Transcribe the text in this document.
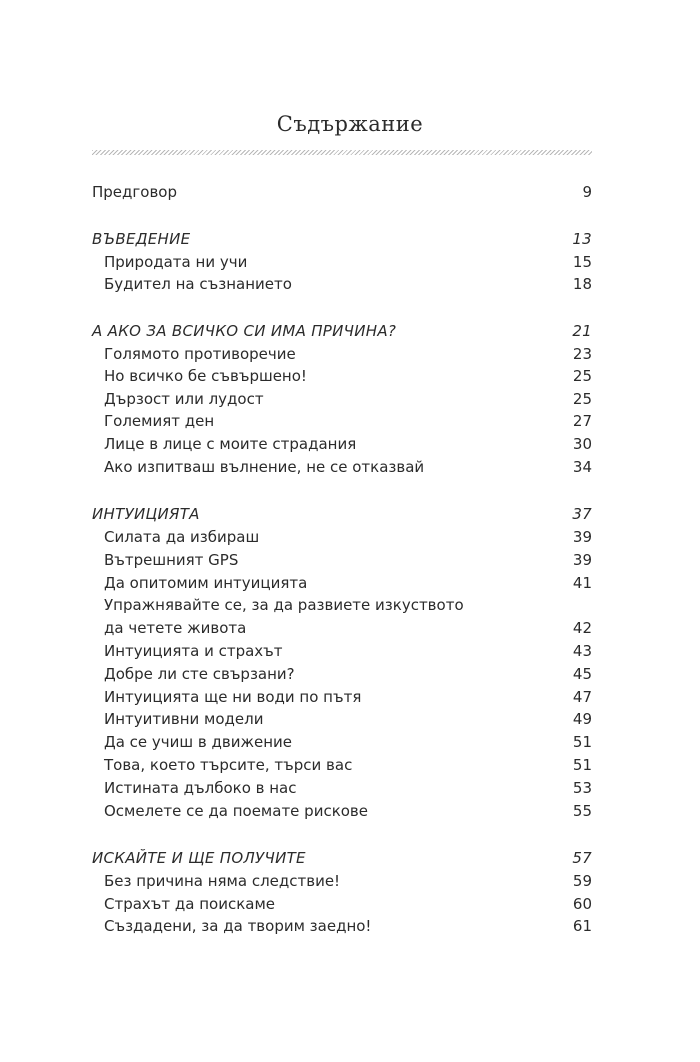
Съдържание
Предговор	9
ВЪВЕДЕНИЕ	13
Природата ни учи	15
Будител на съзнанието	18
А АКО ЗА ВСИЧКО СИ ИМА ПРИЧИНА?	21
Голямото противоречие	23
Но всичко бе съвършено!	25
Дързост или лудост	25
Големият ден	27
Лице в лице с моите страдания	30
Ако изпитваш вълнение, не се отказвай	34
ИНТУИЦИЯТА	37
Силата да избираш	39
Вътрешният GPS	39
Да опитомим интуицията	41
Упражнявайте се, за да развиете изкуството
да четете живота	42
Интуицията и страхът	43
Добре ли сте свързани?	45
Интуицията ще ни води по пътя	47
Интуитивни модели	49
Да се учиш в движение	51
Това, което търсите, търси вас	51
Истината дълбоко в нас	53
Осмелете се да поемате рискове	55
ИСКАЙТЕ И ЩЕ ПОЛУЧИТЕ	57
Без причина няма следствие!	59
Страхът да поискаме	60
Създадени, за да творим заедно!	61
